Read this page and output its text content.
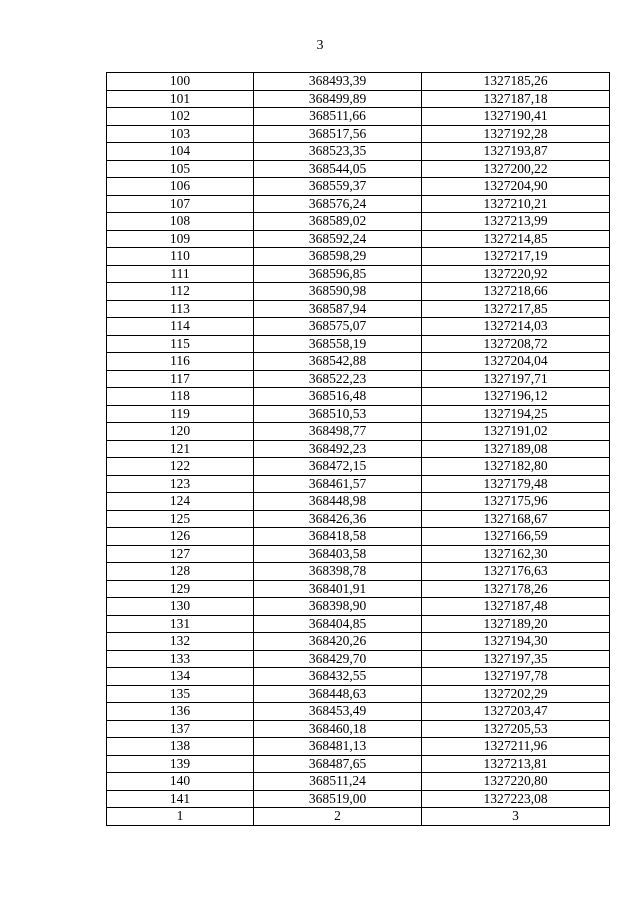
3
100	368493,39	1327185,26
101	368499,89	1327187,18
102	368511,66	1327190,41
103	368517,56	1327192,28
104	368523,35	1327193,87
105	368544,05	1327200,22
106	368559,37	1327204,90
107	368576,24	1327210,21
108	368589,02	1327213,99
109	368592,24	1327214,85
110	368598,29	1327217,19
111	368596,85	1327220,92
112	368590,98	1327218,66
113	368587,94	1327217,85
114	368575,07	1327214,03
115	368558,19	1327208,72
116	368542,88	1327204,04
117	368522,23	1327197,71
118	368516,48	1327196,12
119	368510,53	1327194,25
120	368498,77	1327191,02
121	368492,23	1327189,08
122	368472,15	1327182,80
123	368461,57	1327179,48
124	368448,98	1327175,96
125	368426,36	1327168,67
126	368418,58	1327166,59
127	368403,58	1327162,30
128	368398,78	1327176,63
129	368401,91	1327178,26
130	368398,90	1327187,48
131	368404,85	1327189,20
132	368420,26	1327194,30
133	368429,70	1327197,35
134	368432,55	1327197,78
135	368448,63	1327202,29
136	368453,49	1327203,47
137	368460,18	1327205,53
138	368481,13	1327211,96
139	368487,65	1327213,81
140	368511,24	1327220,80
141	368519,00	1327223,08
1	2	3
